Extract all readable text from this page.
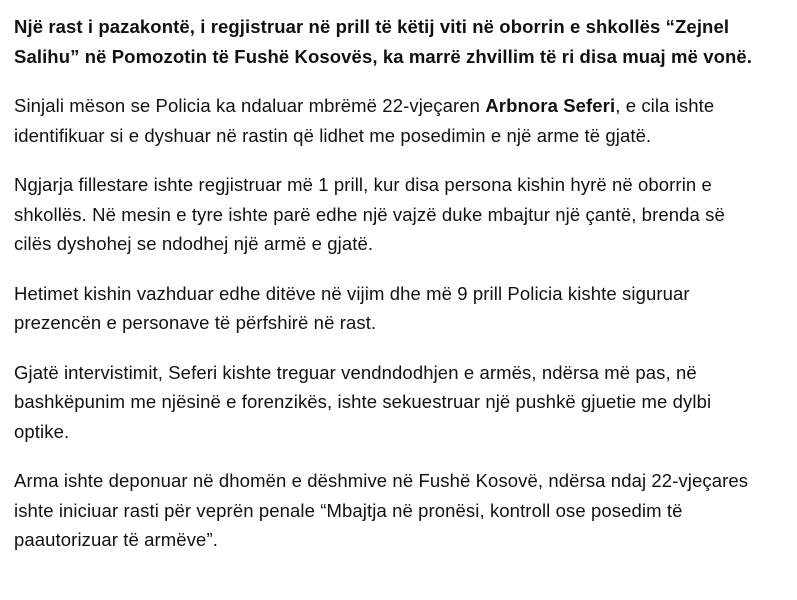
Një rast i pazakontë, i regjistruar në prill të këtij viti në oborrin e shkollës “Zejnel Salihu” në Pomozotin të Fushë Kosovës, ka marrë zhvillim të ri disa muaj më vonë.

Sinjali mëson se Policia ka ndaluar mbrëmë 22-vjeçaren Arbnora Seferi, e cila ishte identifikuar si e dyshuar në rastin që lidhet me posedimin e një arme të gjatë.

Ngjarja fillestare ishte regjistruar më 1 prill, kur disa persona kishin hyrë në oborrin e shkollës. Në mesin e tyre ishte parë edhe një vajzë duke mbajtur një çantë, brenda së cilës dyshohej se ndodhej një armë e gjatë.

Hetimet kishin vazhduar edhe ditëve në vijim dhe më 9 prill Policia kishte siguruar prezencën e personave të përfshirë në rast.

Gjatë intervistimit, Seferi kishte treguar vendndodhjen e armës, ndërsa më pas, në bashkëpunim me njësinë e forenzikës, ishte sekuestruar një pushkë gjuetie me dylbi optike.

Arma ishte deponuar në dhomën e dëshmive në Fushë Kosovë, ndërsa ndaj 22-vjeçares ishte iniciuar rasti për veprën penale “Mbajtja në pronësi, kontroll ose posedim të paautorizuar të armëve”.
